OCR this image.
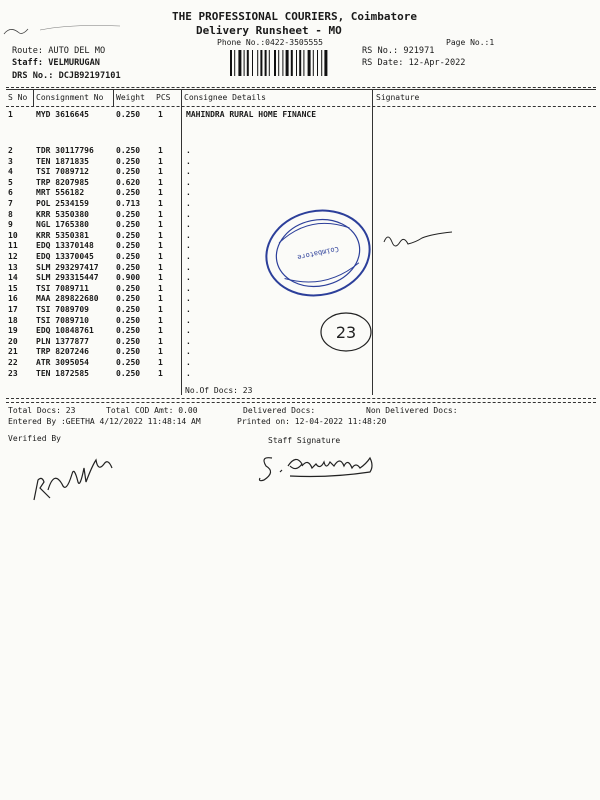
THE PROFESSIONAL COURIERS, Coimbatore
Delivery Runsheet - MO
Phone No.:0422-3505555	Page No.:1
Route: AUTO DEL MO
Staff: VELMURUGAN
DRS No.: DCJB92197101
RS No.: 921971
RS Date: 12-Apr-2022
S No Consignment No Weight PCS Consignee Details	Signature
1	MYD 3616645	0.250 1	MAHINDRA RURAL HOME FINANCE
2	TDR 30117796	0.250 1	.
3	TEN 1871835	0.250 1	.
4	TSI 7089712	0.250 1	.
5	TRP 8207985	0.620 1	.
6	MRT 556182	0.250 1	.
7	POL 2534159	0.713 1	.
8	KRR 5350380	0.250 1	.
9	NGL 1765380	0.250 1	.
10 KRR 5350381	0.250 1	.
11 EDQ 13370148	0.250 1	.
12 EDQ 13370045	0.250 1	.
13 SLM 293297417 0.250 1	.
14 SLM 293315447 0.900 1	.
15 TSI 7089711	0.250 1	.
16 MAA 289822680 0.250 1	.
17 TSI 7089709	0.250 1	.
18 TSI 7089710	0.250 1	.
19 EDQ 10848761	0.250 1	.
20 PLN 1377877	0.250 1	.
21 TRP 8207246	0.250 1	.
22 ATR 3095054	0.250 1	.
23 TEN 1872585	0.250 1	.
No.Of Docs: 23
Total Docs: 23	Total COD Amt: 0.00	Delivered Docs:	Non Delivered Docs:
Entered By :GEETHA 4/12/2022 11:48:14 AM	Printed on: 12-04-2022 11:48:20
Verified By	Staff Signature
Coimbatore
23
